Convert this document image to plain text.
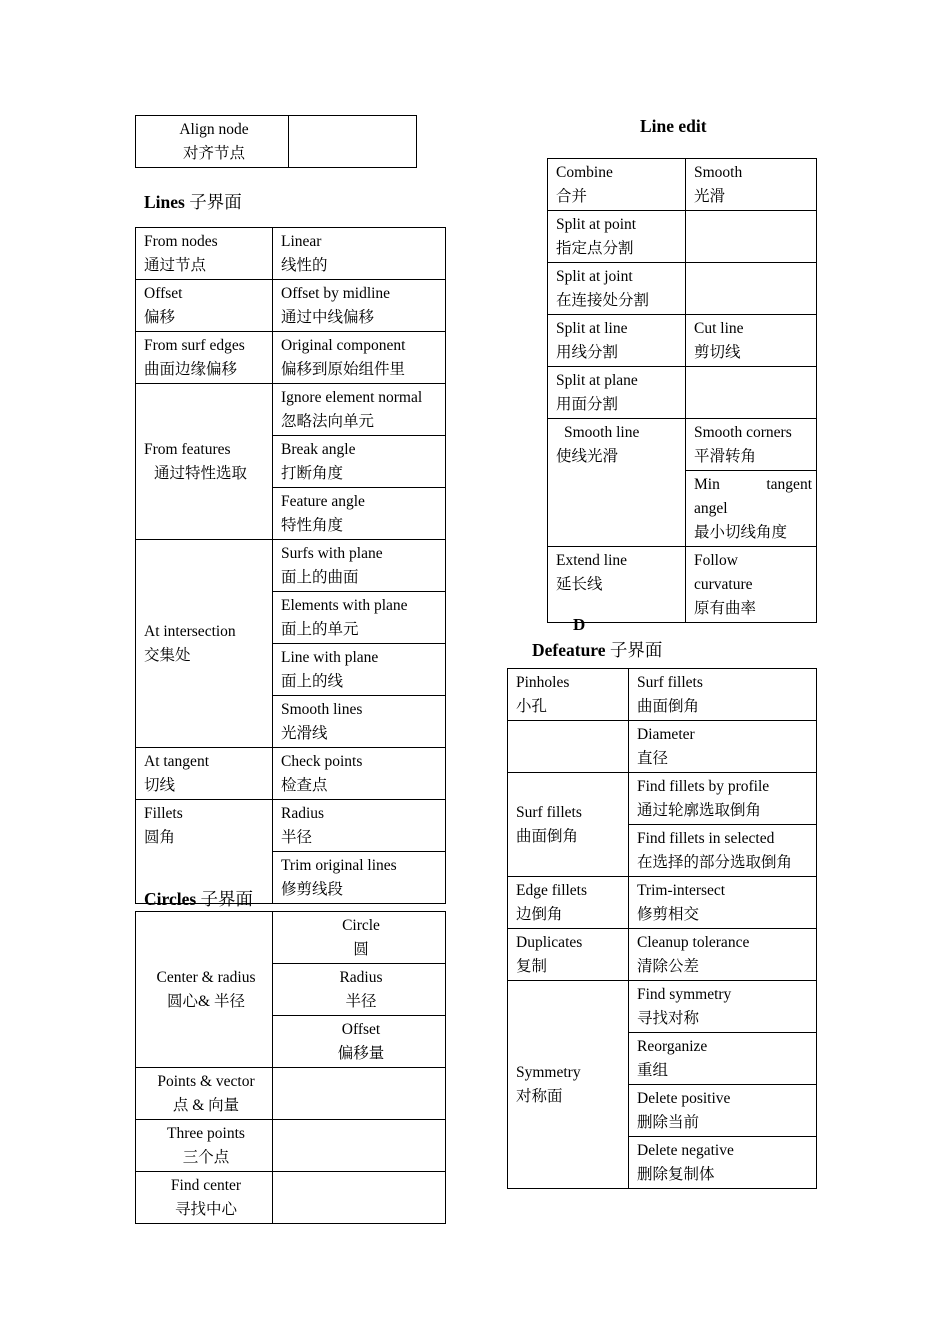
Align node
对齐节点

Lines 子界面
From nodes
通过节点	Linear
线性的

Offset
偏移	Offset by midline
通过中线偏移

From surf edges
曲面边缘偏移	Original component
偏移到原始组件里

From features
通过特性选取	Ignore element normal
忽略法向单元

	Break angle
打断角度

	Feature angle
特性角度

At intersection
交集处	Surfs with plane
面上的曲面

	Elements with plane
面上的单元

	Line with plane
面上的线

	Smooth lines
光滑线

At tangent
切线	Check points
检查点

Fillets
圆角	Radius
半径

	Trim original lines
修剪线段
Circles 子界面
Center & radius
圆心& 半径	Circle
圆

	Radius
半径

	Offset
偏移量

Points & vector
点 & 向量	

Three points
三个点	

Find center
寻找中心	

Line edit
Combine
合并	Smooth
光滑

Split at point
指定点分割	

Split at joint
在连接处分割	

Split at line
用线分割	Cut line
剪切线

Split at plane
用面分割	

Smooth line
使线光滑	Smooth corners
平滑转角

	Min tangent
angel
最小切线角度

Extend line
延长线	Follow
curvature
原有曲率
D
Defeature 子界面
Pinholes
小孔	Surf fillets
曲面倒角

	Diameter
直径

Surf fillets
曲面倒角	Find fillets by profile
通过轮廓选取倒角

	Find fillets in selected
在选择的部分选取倒角

Edge fillets
边倒角	Trim-intersect
修剪相交

Duplicates
复制	Cleanup tolerance
清除公差

Symmetry
对称面	Find symmetry
寻找对称

	Reorganize
重组

	Delete positive
删除当前

	Delete negative
删除复制体
